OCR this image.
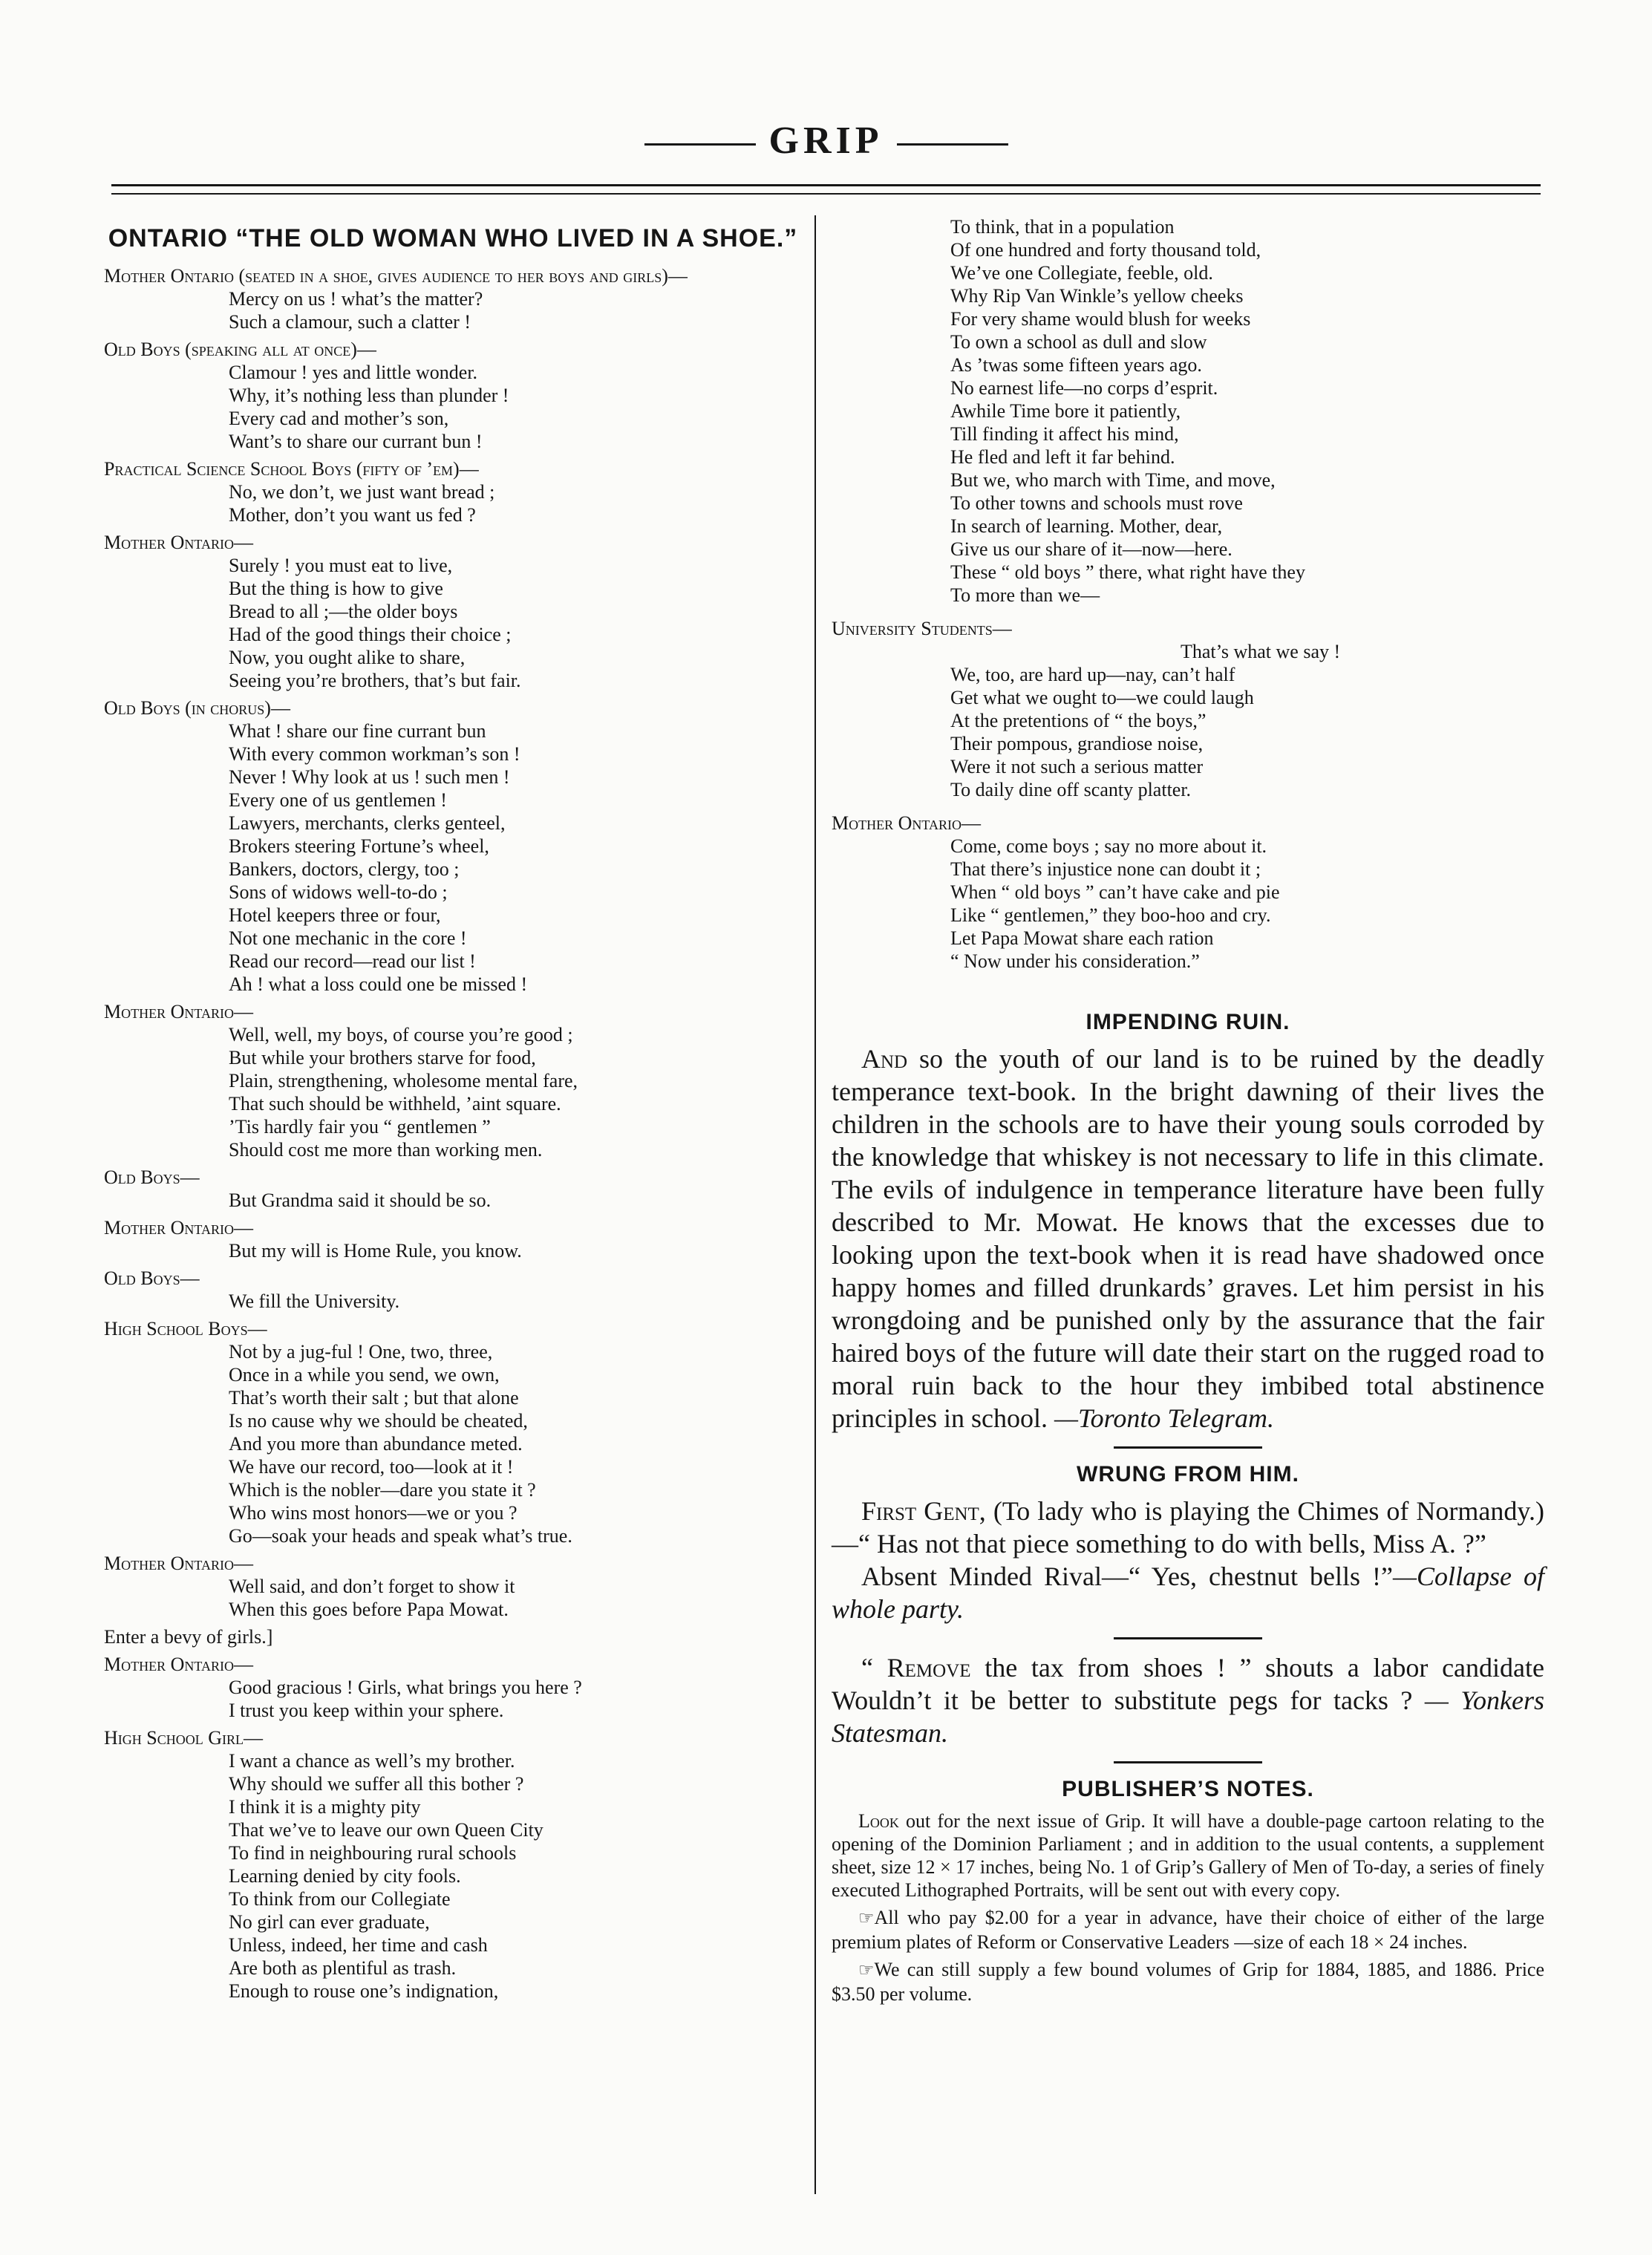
GRIP
ONTARIO “THE OLD WOMAN WHO LIVED IN A SHOE.”
Mother Ontario (seated in a shoe, gives audience to her boys and girls)—
Mercy on us ! what’s the matter?
Such a clamour, such a clatter !
Old Boys (speaking all at once)—
Clamour ! yes and little wonder.
Why, it’s nothing less than plunder !
Every cad and mother’s son,
Want’s to share our currant bun !
Practical Science School Boys (fifty of ’em)—
No, we don’t, we just want bread ;
Mother, don’t you want us fed ?
Mother Ontario—
Surely ! you must eat to live,
But the thing is how to give
Bread to all ;—the older boys
Had of the good things their choice ;
Now, you ought alike to share,
Seeing you’re brothers, that’s but fair.
Old Boys (in chorus)—
What ! share our fine currant bun
With every common workman’s son !
Never ! Why look at us ! such men !
Every one of us gentlemen !
Lawyers, merchants, clerks genteel,
Brokers steering Fortune’s wheel,
Bankers, doctors, clergy, too ;
Sons of widows well-to-do ;
Hotel keepers three or four,
Not one mechanic in the core !
Read our record—read our list !
Ah ! what a loss could one be missed !
Mother Ontario—
Well, well, my boys, of course you’re good ;
But while your brothers starve for food,
Plain, strengthening, wholesome mental fare,
That such should be withheld, ’aint square.
’Tis hardly fair you “ gentlemen ”
Should cost me more than working men.
Old Boys—
But Grandma said it should be so.
Mother Ontario—
But my will is Home Rule, you know.
Old Boys—
We fill the University.
High School Boys—
Not by a jug-ful ! One, two, three,
Once in a while you send, we own,
That’s worth their salt ; but that alone
Is no cause why we should be cheated,
And you more than abundance meted.
We have our record, too—look at it !
Which is the nobler—dare you state it ?
Who wins most honors—we or you ?
Go—soak your heads and speak what’s true.
Mother Ontario—
Well said, and don’t forget to show it
When this goes before Papa Mowat.
Enter a bevy of girls.]
Mother Ontario—
Good gracious ! Girls, what brings you here ?
I trust you keep within your sphere.
High School Girl—
I want a chance as well’s my brother.
Why should we suffer all this bother ?
I think it is a mighty pity
That we’ve to leave our own Queen City
To find in neighbouring rural schools
Learning denied by city fools.
To think from our Collegiate
No girl can ever graduate,
Unless, indeed, her time and cash
Are both as plentiful as trash.
Enough to rouse one’s indignation,
To think, that in a population
Of one hundred and forty thousand told,
We’ve one Collegiate, feeble, old.
Why Rip Van Winkle’s yellow cheeks
For very shame would blush for weeks
To own a school as dull and slow
As ’twas some fifteen years ago.
No earnest life—no corps d’esprit.
Awhile Time bore it patiently,
Till finding it affect his mind,
He fled and left it far behind.
But we, who march with Time, and move,
To other towns and schools must rove
In search of learning. Mother, dear,
Give us our share of it—now—here.
These “ old boys ” there, what right have they
To more than we—
University Students—
That’s what we say !
We, too, are hard up—nay, can’t half
Get what we ought to—we could laugh
At the pretentions of “ the boys,”
Their pompous, grandiose noise,
Were it not such a serious matter
To daily dine off scanty platter.
Mother Ontario—
Come, come boys ; say no more about it.
That there’s injustice none can doubt it ;
When “ old boys ” can’t have cake and pie
Like “ gentlemen,” they boo-hoo and cry.
Let Papa Mowat share each ration
“ Now under his consideration.”
IMPENDING RUIN.

And so the youth of our land is to be ruined by the deadly temperance text-book. In the bright dawning of their lives the children in the schools are to have their young souls corroded by the knowledge that whiskey is not necessary to life in this climate. The evils of indulgence in temperance literature have been fully described to Mr. Mowat. He knows that the excesses due to looking upon the text-book when it is read have shadowed once happy homes and filled drunkards’ graves. Let him persist in his wrongdoing and be punished only by the assurance that the fair haired boys of the future will date their start on the rugged road to moral ruin back to the hour they imbibed total abstinence principles in school. —Toronto Telegram.

WRUNG FROM HIM.

First Gent, (To lady who is playing the Chimes of Normandy.)—“ Has not that piece something to do with bells, Miss A. ?”
Absent Minded Rival—“ Yes, chestnut bells !”—Collapse of whole party.

“ Remove the tax from shoes ! ” shouts a labor candidate Wouldn’t it be better to substitute pegs for tacks ? — Yonkers Statesman.

PUBLISHER’S NOTES.

Look out for the next issue of Grip. It will have a double-page cartoon relating to the opening of the Dominion Parliament ; and in addition to the usual contents, a supplement sheet, size 12 × 17 inches, being No. 1 of Grip’s Gallery of Men of To-day, a series of finely executed Lithographed Portraits, will be sent out with every copy.

☞All who pay $2.00 for a year in advance, have their choice of either of the large premium plates of Reform or Conservative Leaders —size of each 18 × 24 inches.

☞We can still supply a few bound volumes of Grip for 1884, 1885, and 1886. Price $3.50 per volume.
